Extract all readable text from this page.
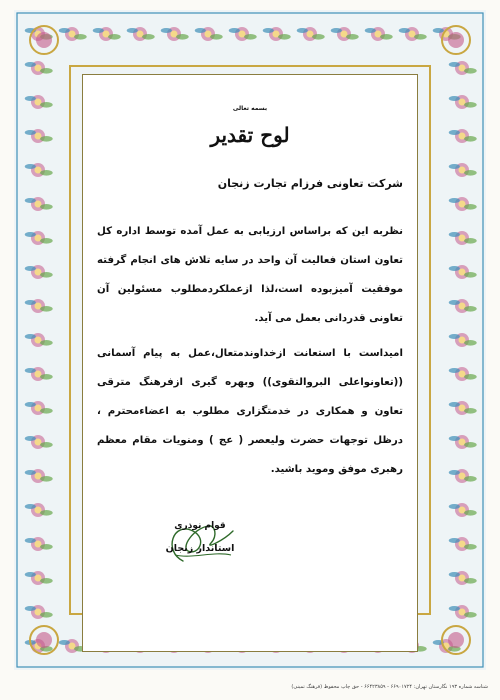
بسمه تعالی
لوح تقدیر
شرکت تعاونی فرزام تجارت زنجان

نظربه این که براساس ارزیابی به عمل آمده توسط اداره کل تعاون استان فعالیت آن واحد در سایه تلاش های انجام گرفته موفقیت آمیزبوده است،لذا ازعملکردمطلوب مسئولین آن تعاونی قدردانی بعمل می آید.

امیداست با استعانت ازخداوندمتعال،عمل به پیام آسمانی ((تعاونواعلی البروالتقوی)) وبهره گیری ازفرهنگ مترقی تعاون و همکاری در خدمتگزاری مطلوب به اعضاءمحترم ، درظل توجهات حضرت ولیعصر ( عج ) ومنویات مقام معظم رهبری موفق وموید باشید.

قوام نوذری
استاندار زنجان
شناسه شماره ۱۹۳ نگارستان تهران: ۶۶۹۰۱۷۲۴ - ۶۶۴۲۳۸۵۹ - حق چاپ محفوظ (فرهنگ تمینی)
